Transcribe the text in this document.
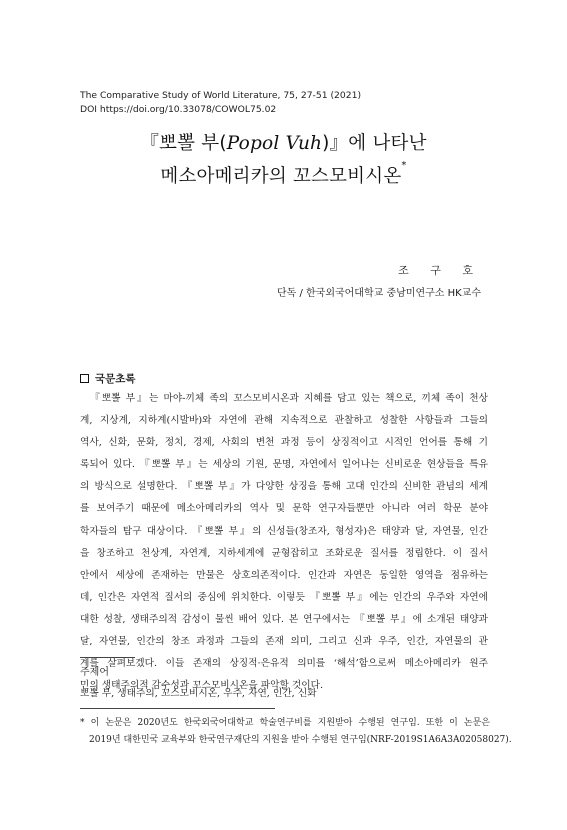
The Comparative Study of World Literature, 75, 27-51 (2021)
DOI https://doi.org/10.33078/COWOL75.02
『뽀뽈 부(Popol Vuh)』에 나타난
메소아메리카의 꼬스모비시온*
조 구 호
단독 / 한국외국어대학교 중남미연구소 HK교수
국문초록
『뽀뽈 부』는 마야-끼체 족의 꼬스모비시온과 지혜를 담고 있는 책으로, 끼체 족이 천상
계, 지상계, 지하계(시발바)와 자연에 관해 지속적으로 관찰하고 성찰한 사항들과 그들의
역사, 신화, 문화, 정치, 경제, 사회의 변천 과정 등이 상징적이고 시적인 언어를 통해 기
록되어 있다. 『뽀뽈 부』는 세상의 기원, 문명, 자연에서 일어나는 신비로운 현상들을 특유
의 방식으로 설명한다. 『뽀뽈 부』가 다양한 상징을 통해 고대 인간의 신비한 관념의 세계
를 보여주기 때문에 메소아메리카의 역사 및 문학 연구자들뿐만 아니라 여러 학문 분야
학자들의 탐구 대상이다. 『뽀뽈 부』의 신성들(창조자, 형성자)은 태양과 달, 자연물, 인간
을 창조하고 천상계, 자연계, 지하세계에 균형잡히고 조화로운 질서를 정립한다. 이 질서
안에서 세상에 존재하는 만물은 상호의존적이다. 인간과 자연은 동일한 영역을 점유하는
데, 인간은 자연적 질서의 중심에 위치한다. 이렇듯 『뽀뽈 부』에는 인간의 우주와 자연에
대한 성찰, 생태주의적 감성이 물씬 배어 있다. 본 연구에서는 『뽀뽈 부』에 소개된 태양과
달, 자연물, 인간의 창조 과정과 그들의 존재 의미, 그리고 신과 우주, 인간, 자연물의 관
계를 살펴보겠다. 이들 존재의 상징적·은유적 의미를 ‘해석’함으로써 메소아메리카 원주
민의 생태주의적 감수성과 꼬스모비시온을 파악할 것이다.
주제어
뽀뽈 부, 생태주의, 꼬스모비시온, 우주, 자연, 인간, 신화
* 이 논문은 2020년도 한국외국어대학교 학술연구비를 지원받아 수행된 연구임. 또한 이 논문은
2019년 대한민국 교육부와 한국연구재단의 지원을 받아 수행된 연구임(NRF-2019S1A6A3A02058027).
